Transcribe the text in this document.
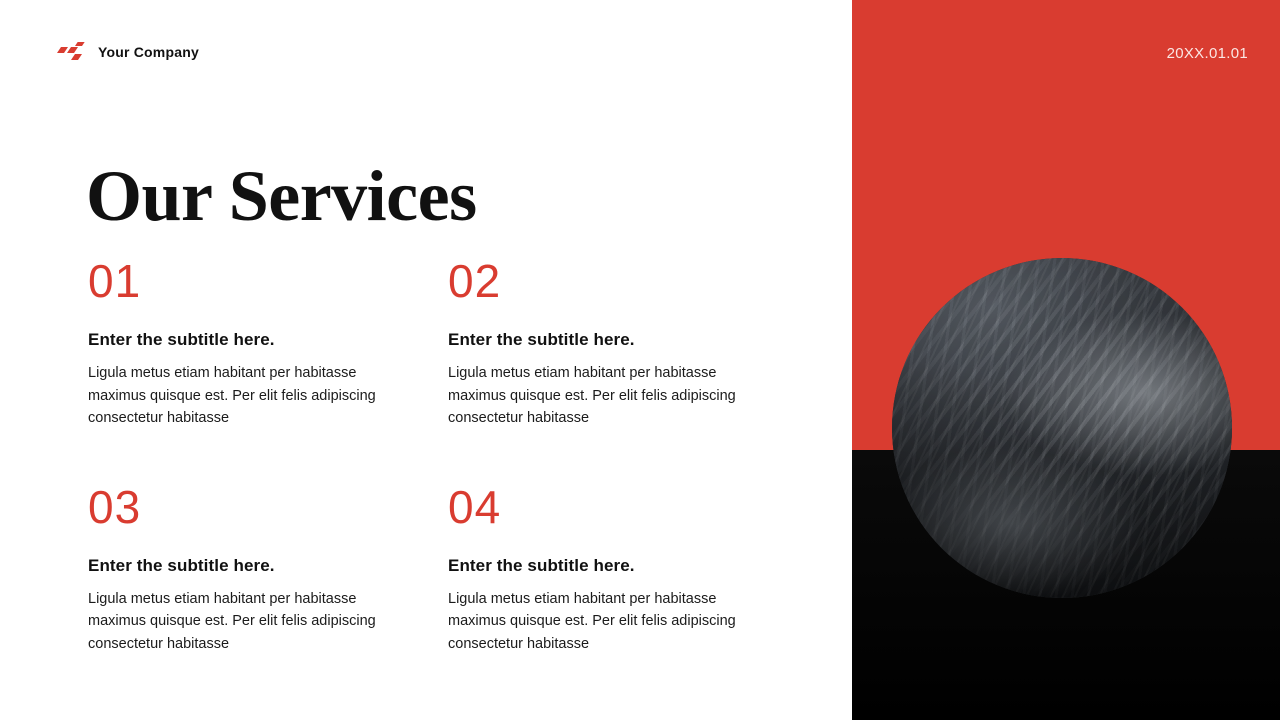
20XX.01.01
Your Company
Our Services
01
Enter the subtitle here.

Ligula metus etiam habitant per habitasse maximus quisque est. Per elit felis adipiscing consectetur habitasse

02
Enter the subtitle here.

Ligula metus etiam habitant per habitasse maximus quisque est. Per elit felis adipiscing consectetur habitasse

03
Enter the subtitle here.

Ligula metus etiam habitant per habitasse maximus quisque est. Per elit felis adipiscing consectetur habitasse

04
Enter the subtitle here.

Ligula metus etiam habitant per habitasse maximus quisque est. Per elit felis adipiscing consectetur habitasse
